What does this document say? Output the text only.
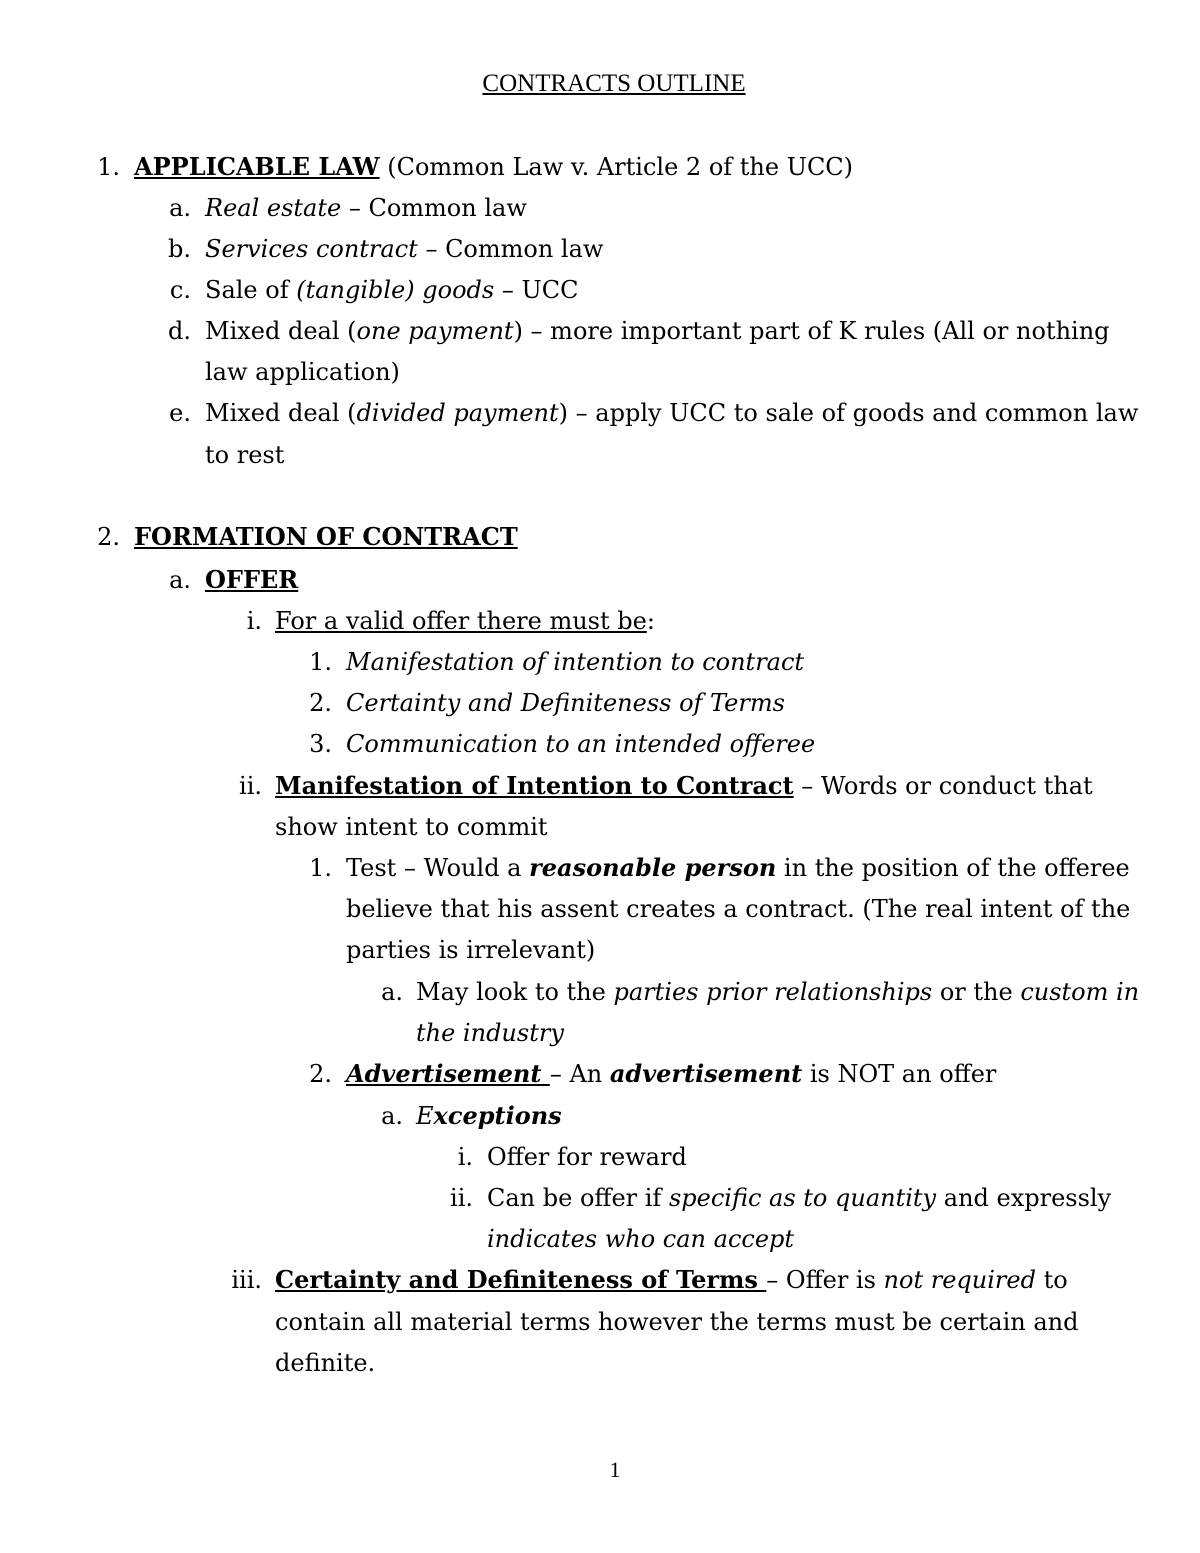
CONTRACTS OUTLINE
1. APPLICABLE LAW (Common Law v. Article 2 of the UCC)
a. Real estate – Common law
b. Services contract – Common law
c. Sale of (tangible) goods – UCC
d. Mixed deal (one payment) – more important part of K rules (All or nothing
law application)
e. Mixed deal (divided payment) – apply UCC to sale of goods and common law
to rest
2. FORMATION OF CONTRACT
a. OFFER
i. For a valid offer there must be:
1. Manifestation of intention to contract
2. Certainty and Definiteness of Terms
3. Communication to an intended offeree
ii. Manifestation of Intention to Contract – Words or conduct that
show intent to commit
1. Test – Would a reasonable person in the position of the offeree
believe that his assent creates a contract. (The real intent of the
parties is irrelevant)
a. May look to the parties prior relationships or the custom in
the industry
2. Advertisement – An advertisement is NOT an offer
a. Exceptions
i. Offer for reward
ii. Can be offer if specific as to quantity and expressly
indicates who can accept
iii. Certainty and Definiteness of Terms – Offer is not required to
contain all material terms however the terms must be certain and
definite.
1
